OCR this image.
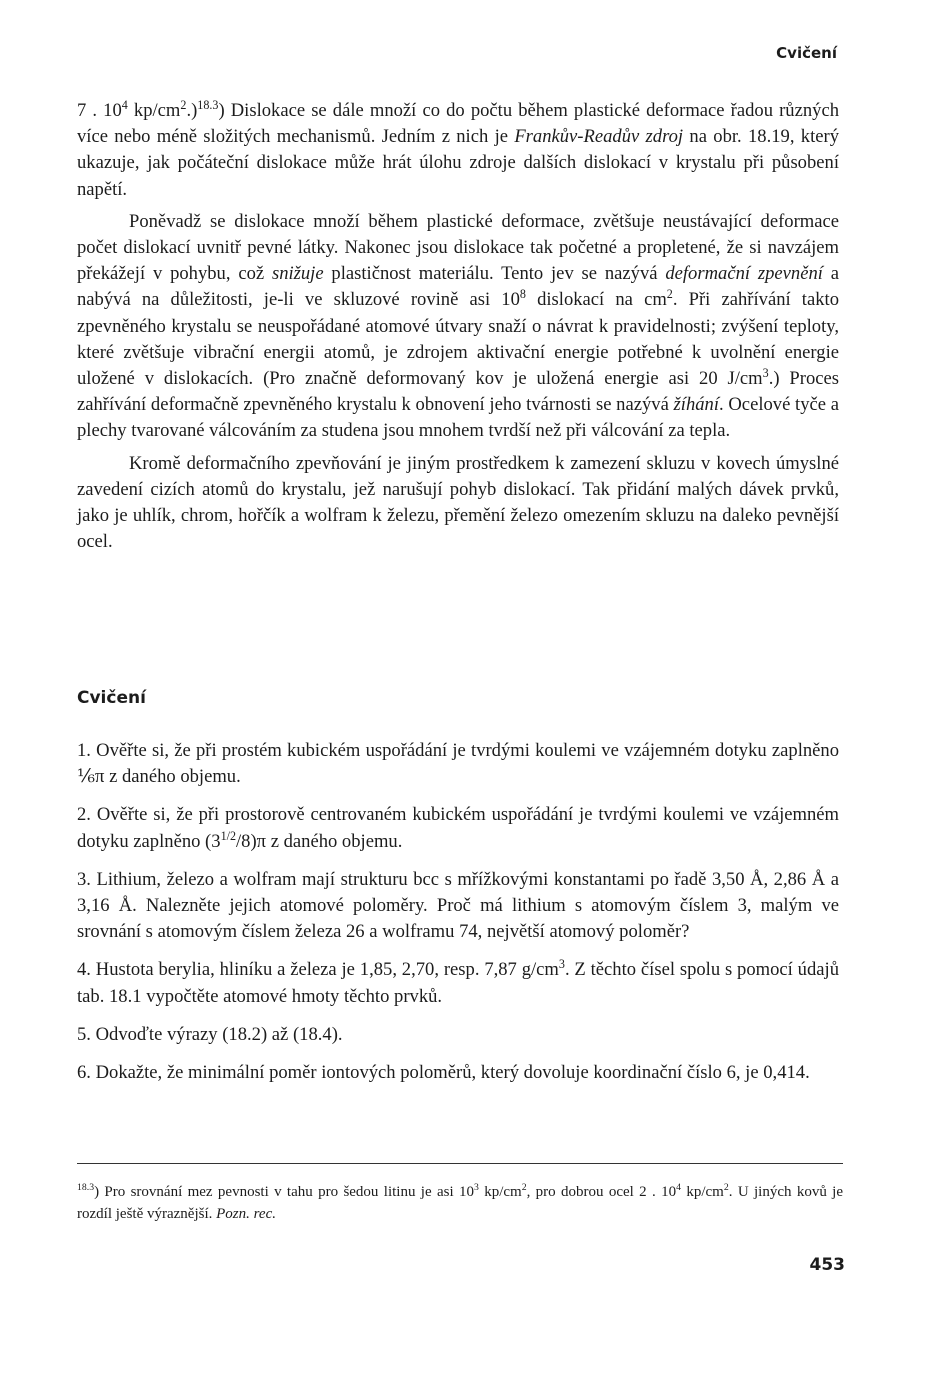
Cvičení

7 . $10^4$ $kp/cm^2.)^{18.3}$) Dislokace se dále množí co do počtu během plastické deformace řadou různých více nebo méně složitých mechanismů. Jedním z nich je Frankův-Readův zdroj na obr. 18.19, který ukazuje, jak počáteční dislokace může hrát úlohu zdroje dalších dislokací v krystalu při působení napětí.

Poněvadž se dislokace množí během plastické deformace, zvětšuje neustávající deformace počet dislokací uvnitř pevné látky. Nakonec jsou dislokace tak početné a propletené, že si navzájem překážejí v pohybu, což snižuje plastičnost materiálu. Tento jev se nazývá deformační zpevnění a nabývá na důležitosti, je-li ve skluzové rovině asi $10^8$ dislokací na $cm^2$. Při zahřívání takto zpevněného krystalu se neuspořádané atomové útvary snaží o návrat k pravidelnosti; zvýšení teploty, které zvětšuje vibrační energii atomů, je zdrojem aktivační energie potřebné k uvolnění energie uložené v dislokacích. (Pro značně deformovaný kov je uložená energie asi 20 $J/cm^3$.) Proces zahřívání deformačně zpevněného krystalu k obnovení jeho tvárnosti se nazývá žíhání. Ocelové tyče a plechy tvarované válcováním za studena jsou mnohem tvrdší než při válcování za tepla.

Kromě deformačního zpevňování je jiným prostředkem k zamezení skluzu v kovech úmyslné zavedení cizích atomů do krystalu, jež narušují pohyb dislokací. Tak přidání malých dávek prvků, jako je uhlík, chrom, hořčík a wolfram k železu, přemění železo omezením skluzu na daleko pevnější ocel.

Cvičení

1. Ověřte si, že při prostém kubickém uspořádání je tvrdými koulemi ve vzájemném dotyku zaplněno ⅙π z daného objemu.

2. Ověřte si, že při prostorově centrovaném kubickém uspořádání je tvrdými koulemi ve vzájemném dotyku zaplněno $(3^{1/2}/8)\pi$ z daného objemu.

3. Lithium, železo a wolfram mají strukturu bcc s mřížkovými konstantami po řadě 3,50 Å, 2,86 Å a 3,16 Å. Nalezněte jejich atomové poloměry. Proč má lithium s atomovým číslem 3, malým ve srovnání s atomovým číslem železa 26 a wolframu 74, největší atomový poloměr?

4. Hustota berylia, hliníku a železa je 1,85, 2,70, resp. 7,87 $g/cm^3$. Z těchto čísel spolu s pomocí údajů tab. 18.1 vypočtěte atomové hmoty těchto prvků.

5. Odvoďte výrazy (18.2) až (18.4).

6. Dokažte, že minimální poměr iontových poloměrů, který dovoluje koordinační číslo 6, je 0,414.

$^{18.3}$) Pro srovnání mez pevnosti v tahu pro šedou litinu je asi $10^3$ $kp/cm^2$, pro dobrou ocel 2 . $10^4$ $kp/cm^2$. U jiných kovů je rozdíl ještě výraznější. Pozn. rec.
453
